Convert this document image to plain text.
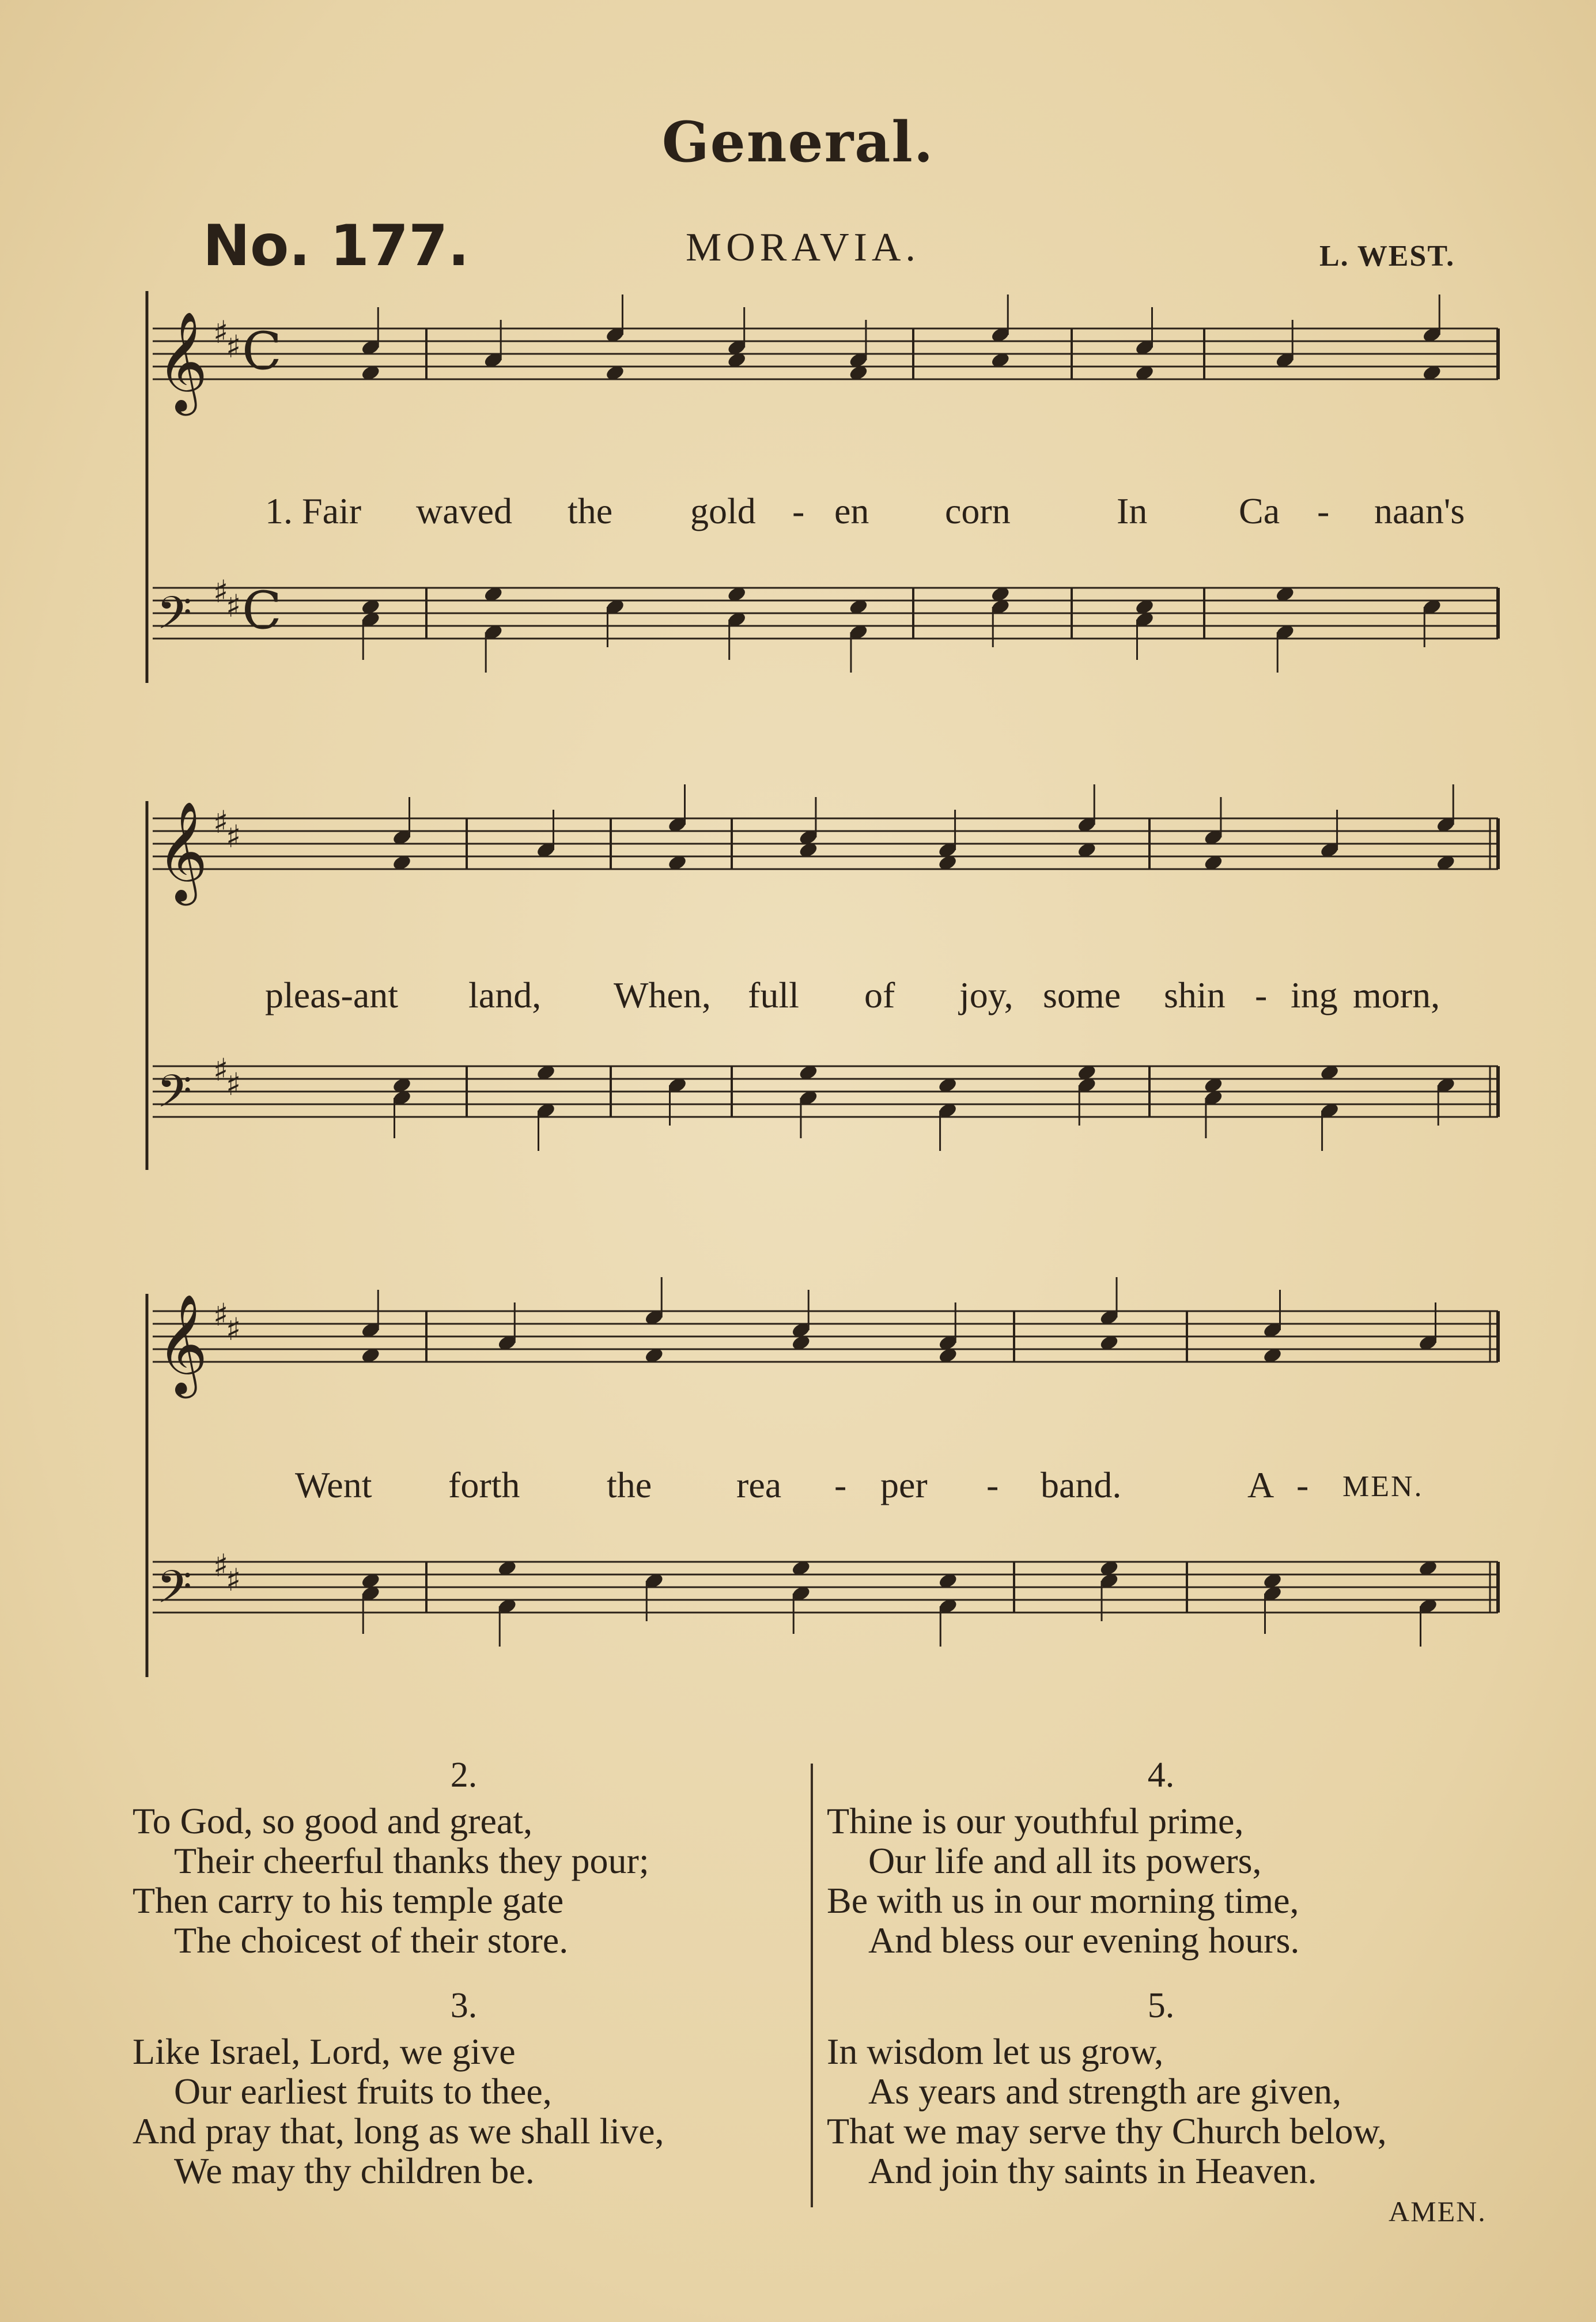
General.
No. 177.	MORAVIA.	L. WEST.
𝄞 ♯
♯ C
𝄢 ♯
♯ C
𝄞 ♯
♯
𝄢 ♯
♯
𝄞 ♯
♯
𝄢 ♯
♯
1. Fair waved the gold - en corn	In Ca - naan's
pleas-ant land, When, full of joy, some shin - ing morn,
Went forth the rea - per - band.	A - MEN.
2.
To God, so good and great,
Their cheerful thanks they pour;
Then carry to his temple gate
The choicest of their store.
3.
Like Israel, Lord, we give
Our earliest fruits to thee,
And pray that, long as we shall live,
We may thy children be.
4.
Thine is our youthful prime,
Our life and all its powers,
Be with us in our morning time,
And bless our evening hours.
5.
In wisdom let us grow,
As years and strength are given,
That we may serve thy Church below,
And join thy saints in Heaven.
AMEN.
